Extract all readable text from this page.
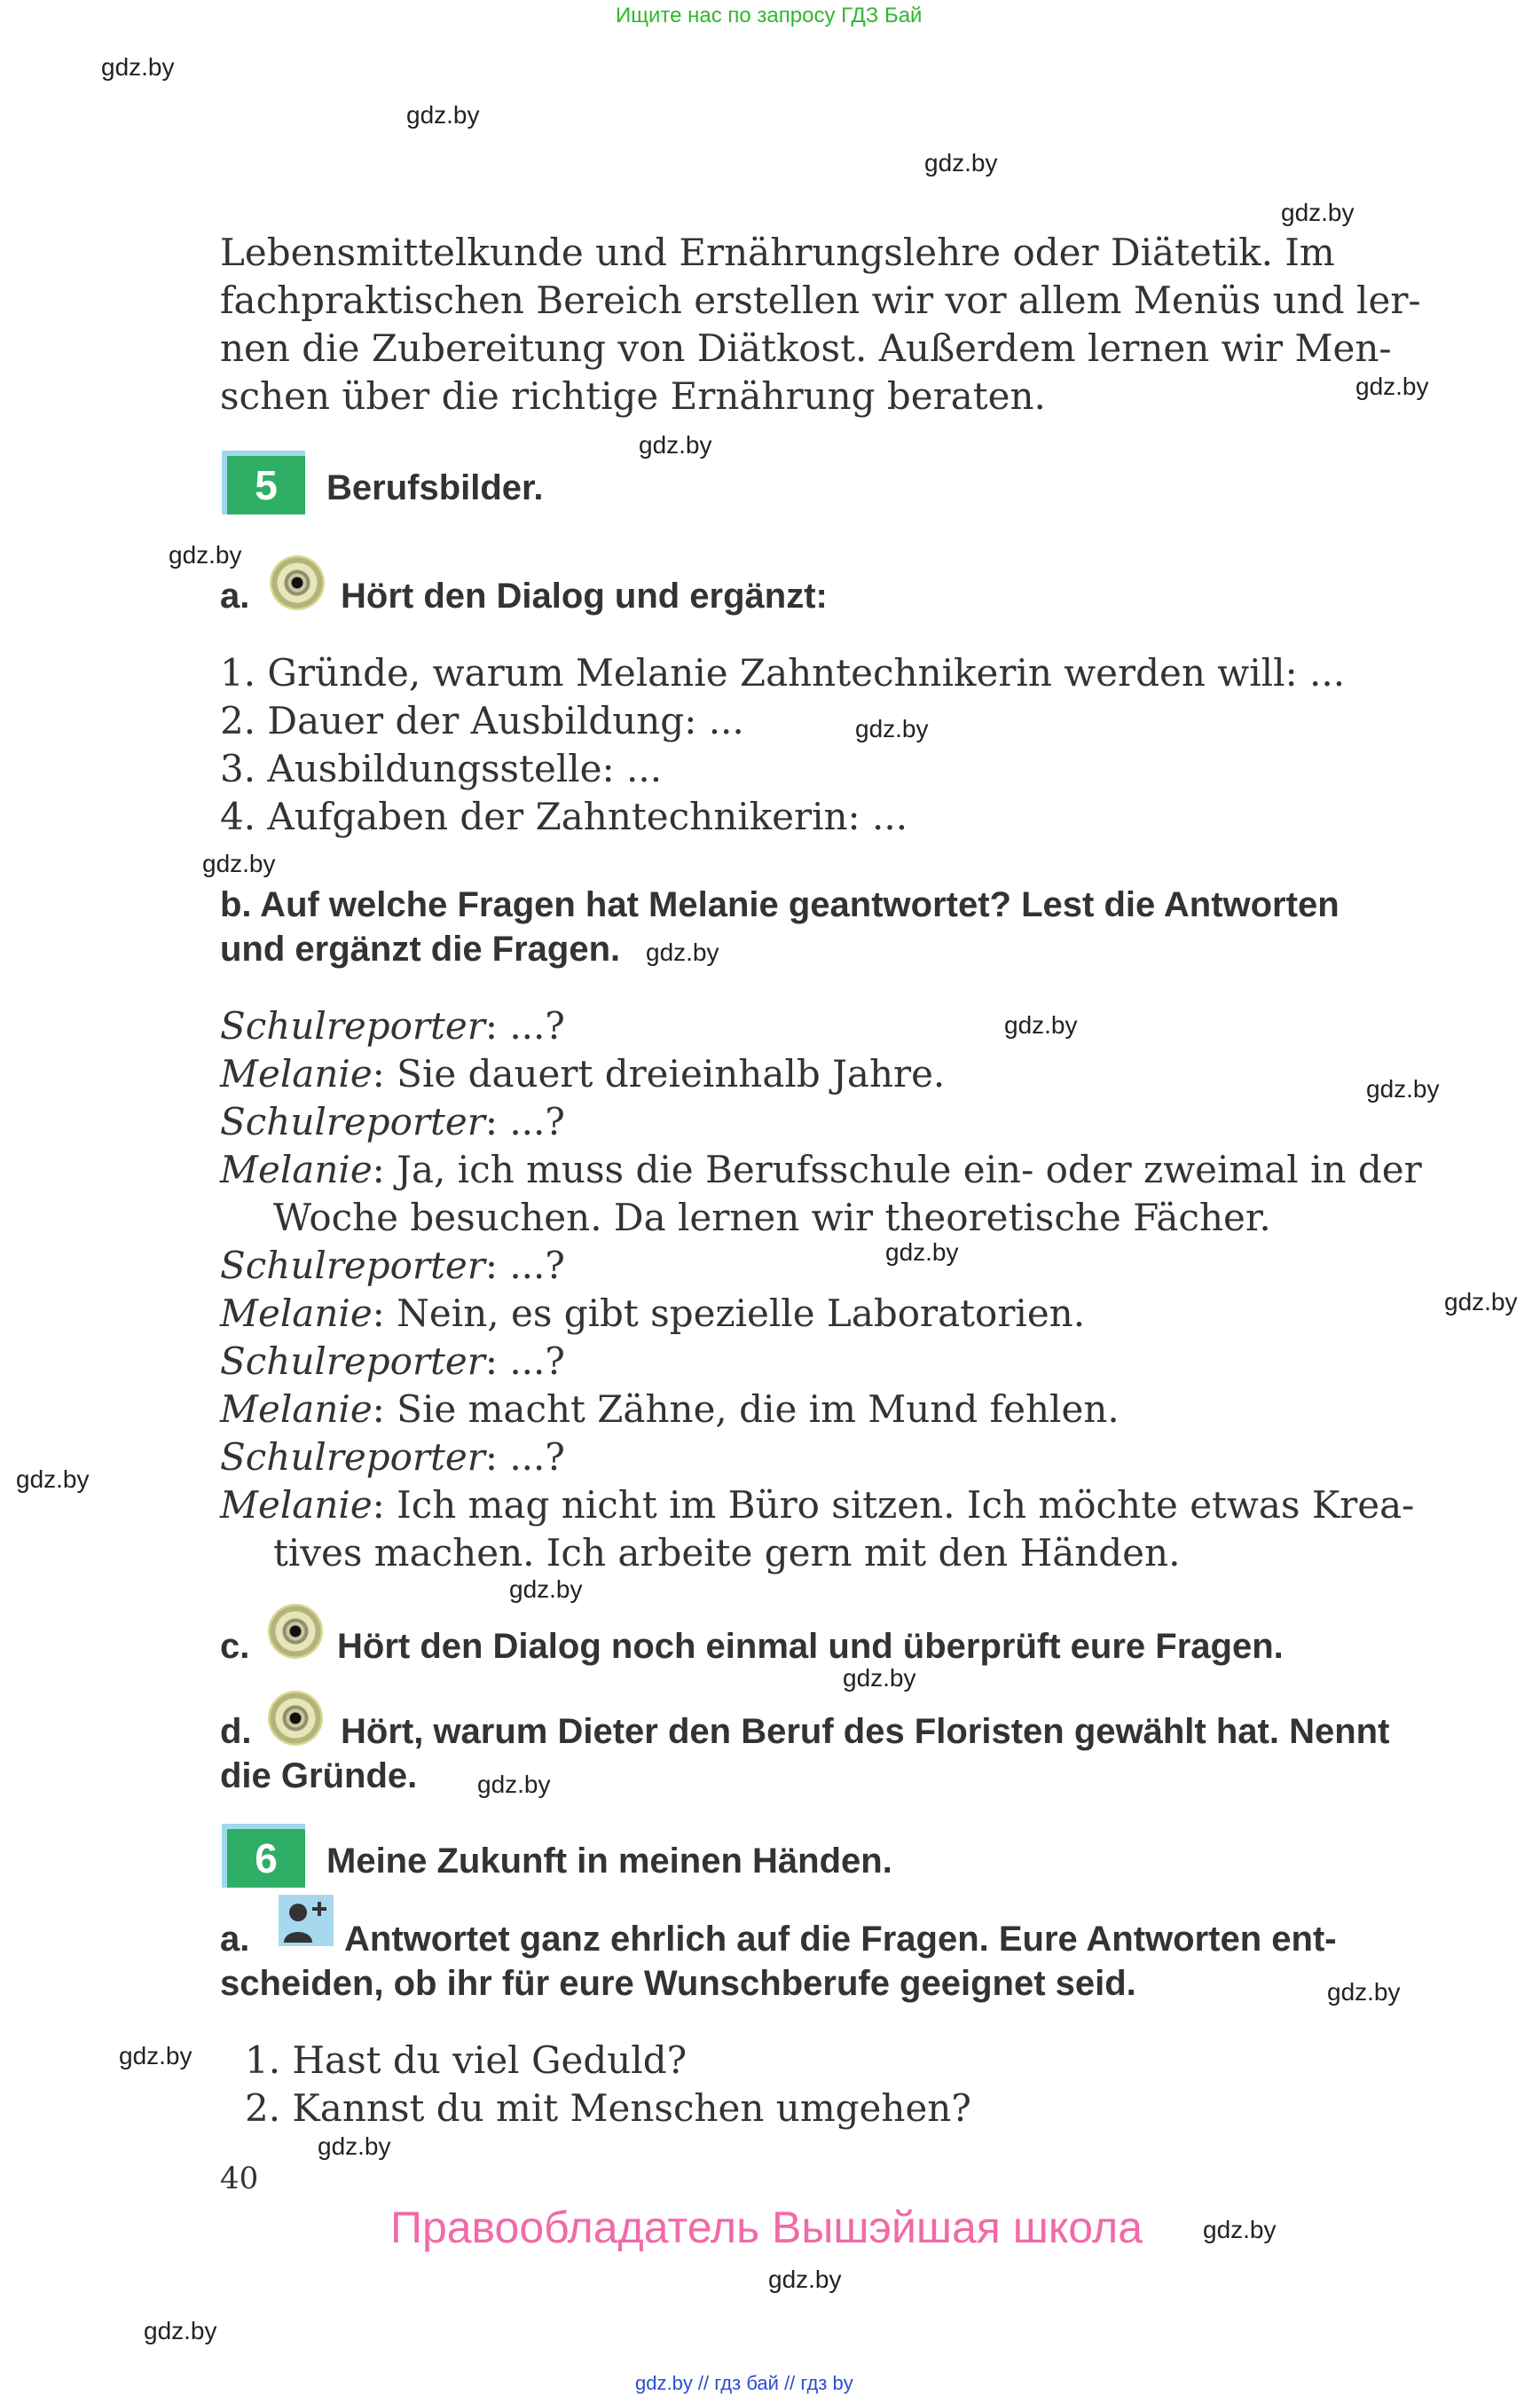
Ищите нас по запросу ГДЗ Бай
gdz.by
gdz.by
gdz.by
gdz.by
gdz.by
gdz.by
gdz.by
gdz.by
gdz.by
gdz.by
gdz.by
gdz.by
gdz.by
gdz.by
gdz.by
gdz.by
gdz.by
gdz.by
gdz.by
gdz.by
gdz.by
gdz.by
gdz.by
gdz.by
Lebensmittelkunde und Ernährungslehre oder Diätetik. Im
fachpraktischen Bereich erstellen wir vor allem Menüs und ler-
nen die Zubereitung von Diätkost. Außerdem lernen wir Men-
schen über die richtige Ernährung beraten.
5	Berufsbilder.
a.	Hört den Dialog und ergänzt:
1. Gründe, warum Melanie Zahntechnikerin werden will: ...
2. Dauer der Ausbildung: ...
3. Ausbildungsstelle: ...
4. Aufgaben der Zahntechnikerin: ...
b. Auf welche Fragen hat Melanie geantwortet? Lest die Antworten
und ergänzt die Fragen.
Schulreporter: ...?
Melanie: Sie dauert dreieinhalb Jahre.
Schulreporter: ...?
Melanie: Ja, ich muss die Berufsschule ein- oder zweimal in der
Woche besuchen. Da lernen wir theoretische Fächer.
Schulreporter: ...?
Melanie: Nein, es gibt spezielle Laboratorien.
Schulreporter: ...?
Melanie: Sie macht Zähne, die im Mund fehlen.
Schulreporter: ...?
Melanie: Ich mag nicht im Büro sitzen. Ich möchte etwas Krea-
tives machen. Ich arbeite gern mit den Händen.
c. Hört den Dialog noch einmal und überprüft eure Fragen.
d.	Hört, warum Dieter den Beruf des Floristen gewählt hat. Nennt
die Gründe.
6	Meine Zukunft in meinen Händen.
a.	Antwortet ganz ehrlich auf die Fragen. Eure Antworten ent-
scheiden, ob ihr für eure Wunschberufe geeignet seid.
1. Hast du viel Geduld?
2. Kannst du mit Menschen umgehen?
40
Правообладатель Вышэйшая школа
gdz.by // гдз бай // гдз by
